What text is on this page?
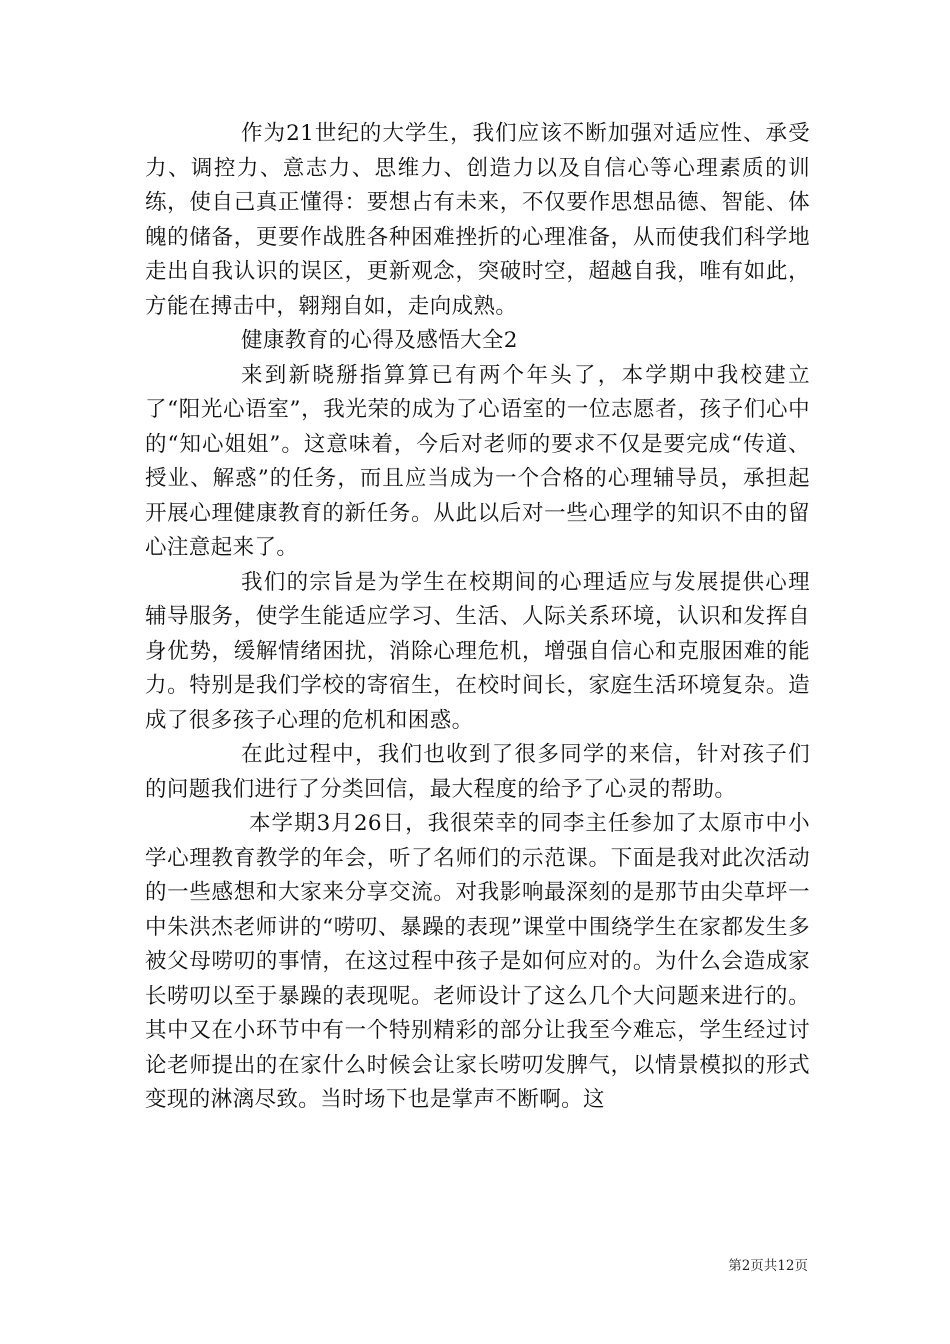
作为21世纪的大学生，我们应该不断加强对适应性、承受力、调控力、意志力、思维力、创造力以及自信心等心理素质的训练，使自己真正懂得：要想占有未来，不仅要作思想品德、智能、体魄的储备，更要作战胜各种困难挫折的心理准备，从而使我们科学地走出自我认识的误区，更新观念，突破时空，超越自我，唯有如此，方能在搏击中，翱翔自如，走向成熟。

健康教育的心得及感悟大全2

来到新晓掰指算算已有两个年头了，本学期中我校建立了“阳光心语室”，我光荣的成为了心语室的一位志愿者，孩子们心中的“知心姐姐”。这意味着，今后对老师的要求不仅是要完成“传道、授业、解惑”的任务，而且应当成为一个合格的心理辅导员，承担起开展心理健康教育的新任务。从此以后对一些心理学的知识不由的留心注意起来了。

我们的宗旨是为学生在校期间的心理适应与发展提供心理辅导服务，使学生能适应学习、生活、人际关系环境，认识和发挥自身优势，缓解情绪困扰，消除心理危机，增强自信心和克服困难的能力。特别是我们学校的寄宿生，在校时间长，家庭生活环境复杂。造成了很多孩子心理的危机和困惑。

在此过程中，我们也收到了很多同学的来信，针对孩子们的问题我们进行了分类回信，最大程度的给予了心灵的帮助。

本学期3月26日，我很荣幸的同李主任参加了太原市中小学心理教育教学的年会，听了名师们的示范课。下面是我对此次活动的一些感想和大家来分享交流。对我影响最深刻的是那节由尖草坪一中朱洪杰老师讲的“唠叨、暴躁的表现”课堂中围绕学生在家都发生多被父母唠叨的事情，在这过程中孩子是如何应对的。为什么会造成家长唠叨以至于暴躁的表现呢。老师设计了这么几个大问题来进行的。其中又在小环节中有一个特别精彩的部分让我至今难忘，学生经过讨论老师提出的在家什么时候会让家长唠叨发脾气，以情景模拟的形式变现的淋漓尽致。当时场下也是掌声不断啊。这

第2页共12页
